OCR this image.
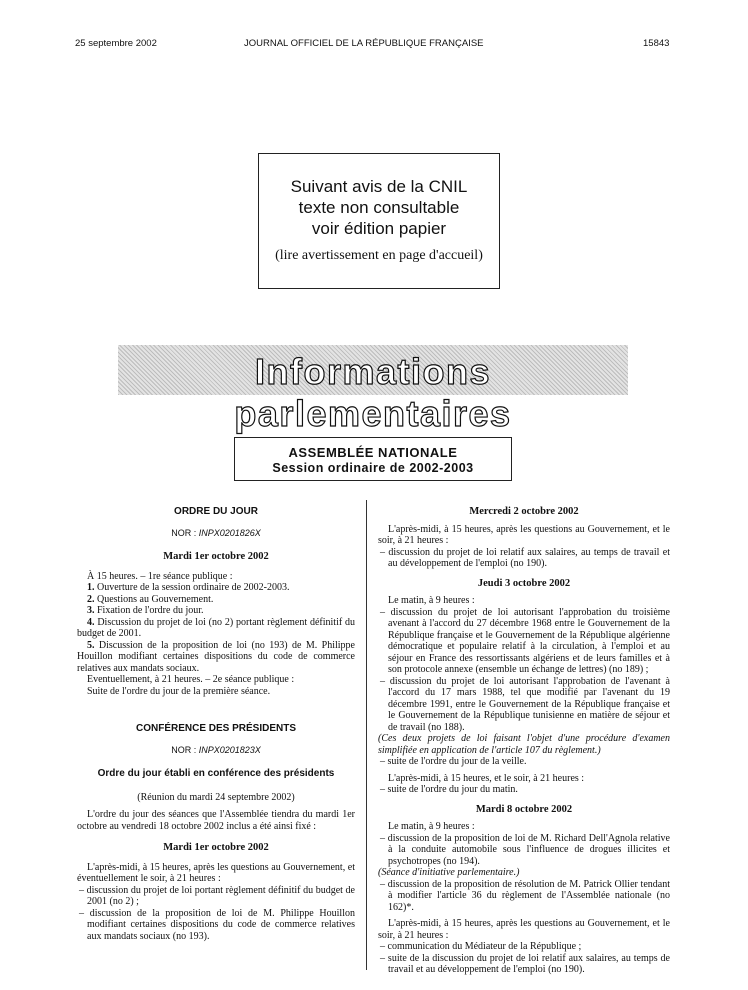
25 septembre 2002	JOURNAL OFFICIEL DE LA RÉPUBLIQUE FRANÇAISE	15843
Suivant avis de la CNIL
texte non consultable
voir édition papier
(lire avertissement en page d'accueil)
Informations parlementaires
ASSEMBLÉE NATIONALE
Session ordinaire de 2002-2003
ORDRE DU JOUR
NOR : INPX0201826X
Mardi 1er octobre 2002

À 15 heures. – 1re séance publique :

1. Ouverture de la session ordinaire de 2002-2003.

2. Questions au Gouvernement.

3. Fixation de l'ordre du jour.

4. Discussion du projet de loi (no 2) portant règlement définitif du budget de 2001.

5. Discussion de la proposition de loi (no 193) de M. Philippe Houillon modifiant certaines dispositions du code de commerce relatives aux mandats sociaux.

Eventuellement, à 21 heures. – 2e séance publique :

Suite de l'ordre du jour de la première séance.

CONFÉRENCE DES PRÉSIDENTS
NOR : INPX0201823X
Ordre du jour établi en conférence des présidents

(Réunion du mardi 24 septembre 2002)

L'ordre du jour des séances que l'Assemblée tiendra du mardi 1er octobre au vendredi 18 octobre 2002 inclus a été ainsi fixé :

Mardi 1er octobre 2002

L'après-midi, à 15 heures, après les questions au Gouvernement, et éventuellement le soir, à 21 heures :

– discussion du projet de loi portant règlement définitif du budget de 2001 (no 2) ;

– discussion de la proposition de loi de M. Philippe Houillon modifiant certaines dispositions du code de commerce relatives aux mandats sociaux (no 193).

Mercredi 2 octobre 2002

L'après-midi, à 15 heures, après les questions au Gouvernement, et le soir, à 21 heures :

– discussion du projet de loi relatif aux salaires, au temps de travail et au développement de l'emploi (no 190).

Jeudi 3 octobre 2002

Le matin, à 9 heures :

– discussion du projet de loi autorisant l'approbation du troisième avenant à l'accord du 27 décembre 1968 entre le Gouvernement de la République française et le Gouvernement de la République algérienne démocratique et populaire relatif à la circulation, à l'emploi et au séjour en France des ressortissants algériens et de leurs familles et à son protocole annexe (ensemble un échange de lettres) (no 189) ;

– discussion du projet de loi autorisant l'approbation de l'avenant à l'accord du 17 mars 1988, tel que modifié par l'avenant du 19 décembre 1991, entre le Gouvernement de la République française et le Gouvernement de la République tunisienne en matière de séjour et de travail (no 188).

(Ces deux projets de loi faisant l'objet d'une procédure d'examen simplifiée en application de l'article 107 du règlement.)

– suite de l'ordre du jour de la veille.

L'après-midi, à 15 heures, et le soir, à 21 heures :

– suite de l'ordre du jour du matin.

Mardi 8 octobre 2002

Le matin, à 9 heures :

– discussion de la proposition de loi de M. Richard Dell'Agnola relative à la conduite automobile sous l'influence de drogues illicites et psychotropes (no 194).

(Séance d'initiative parlementaire.)

– discussion de la proposition de résolution de M. Patrick Ollier tendant à modifier l'article 36 du règlement de l'Assemblée nationale (no 162)*.

L'après-midi, à 15 heures, après les questions au Gouvernement, et le soir, à 21 heures :

– communication du Médiateur de la République ;

– suite de la discussion du projet de loi relatif aux salaires, au temps de travail et au développement de l'emploi (no 190).
